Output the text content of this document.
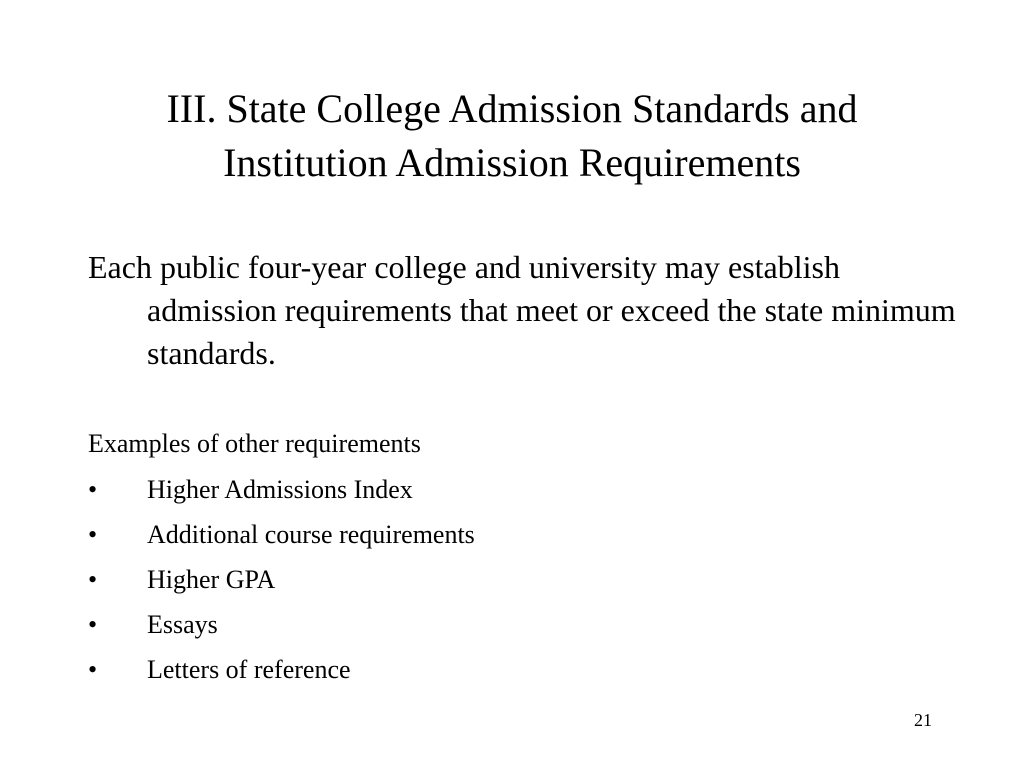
III. State College Admission Standards and
Institution Admission Requirements

Each public four-year college and university may establish admission requirements that meet or exceed the state minimum standards.

Examples of other requirements

•	Higher Admissions Index
•	Additional course requirements
•	Higher GPA
•	Essays
•	Letters of reference
21
